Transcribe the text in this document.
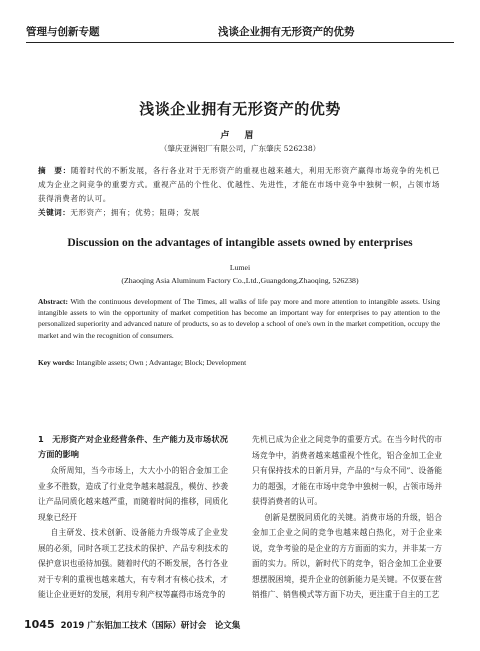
管理与创新专题	浅谈企业拥有无形资产的优势
浅谈企业拥有无形资产的优势
卢 眉
（肇庆亚洲铝厂有限公司，广东肇庆 526238）
摘　要：随着时代的不断发展，各行各业对于无形资产的重视也越来越大，利用无形资产赢得市场竞争的先机已成为企业之间竞争的重要方式。重视产品的个性化、优越性、先进性，才能在市场中竞争中独树一帜，占领市场获得消费者的认可。
关键词：无形资产；拥有；优势；阻碍；发展
Discussion on the advantages of intangible assets owned by enterprises
Lumei
(Zhaoqing Asia Aluminum Factory Co.,Ltd.,Guangdong,Zhaoqing, 526238)
Abstract: With the continuous development of The Times, all walks of life pay more and more attention to intangible assets. Using intangible assets to win the opportunity of market competition has become an important way for enterprises to pay attention to the personalized superiority and advanced nature of products, so as to develop a school of one's own in the market competition, occupy the market and win the recognition of consumers.
Key words: Intangible assets; Own ; Advantage; Block; Development
1　无形资产对企业经营条件、生产能力及市场状况方面的影响

众所周知，当今市场上，大大小小的铝合金加工企业多不胜数，造成了行业竞争越来越混乱，模仿、抄袭让产品同质化越来越严重，而随着时间的推移，同质化现象已经开

自主研发、技术创新、设备能力升级等成了企业发展的必须，同时各项工艺技术的保护、产品专利技术的保护意识也亟待加强。随着时代的不断发展，各行各业对于专利的重视也越来越大，有专利才有核心技术，才能让企业更好的发展，利用专利产权等赢得市场竞争的

先机已成为企业之间竞争的重要方式。在当今时代的市场竞争中，消费者越来越重视个性化，铝合金加工企业只有保持技术的日新月异，产品的“与众不同”、设备能力的超强，才能在市场中竞争中独树一帜，占领市场并获得消费者的认可。

创新是摆脱同质化的关键。消费市场的升级，铝合金加工企业之间的竞争也越来越白热化，对于企业来说，竞争考验的是企业的方方面面的实力，并非某一方面的实力。所以，新时代下的竞争，铝合金加工企业要想摆脱困境，提升企业的创新能力是关键。不仅要在营销推广、销售模式等方面下功夫，更注重于自主的工艺

1045 2019 广东铝加工技术（国际）研讨会　论文集
